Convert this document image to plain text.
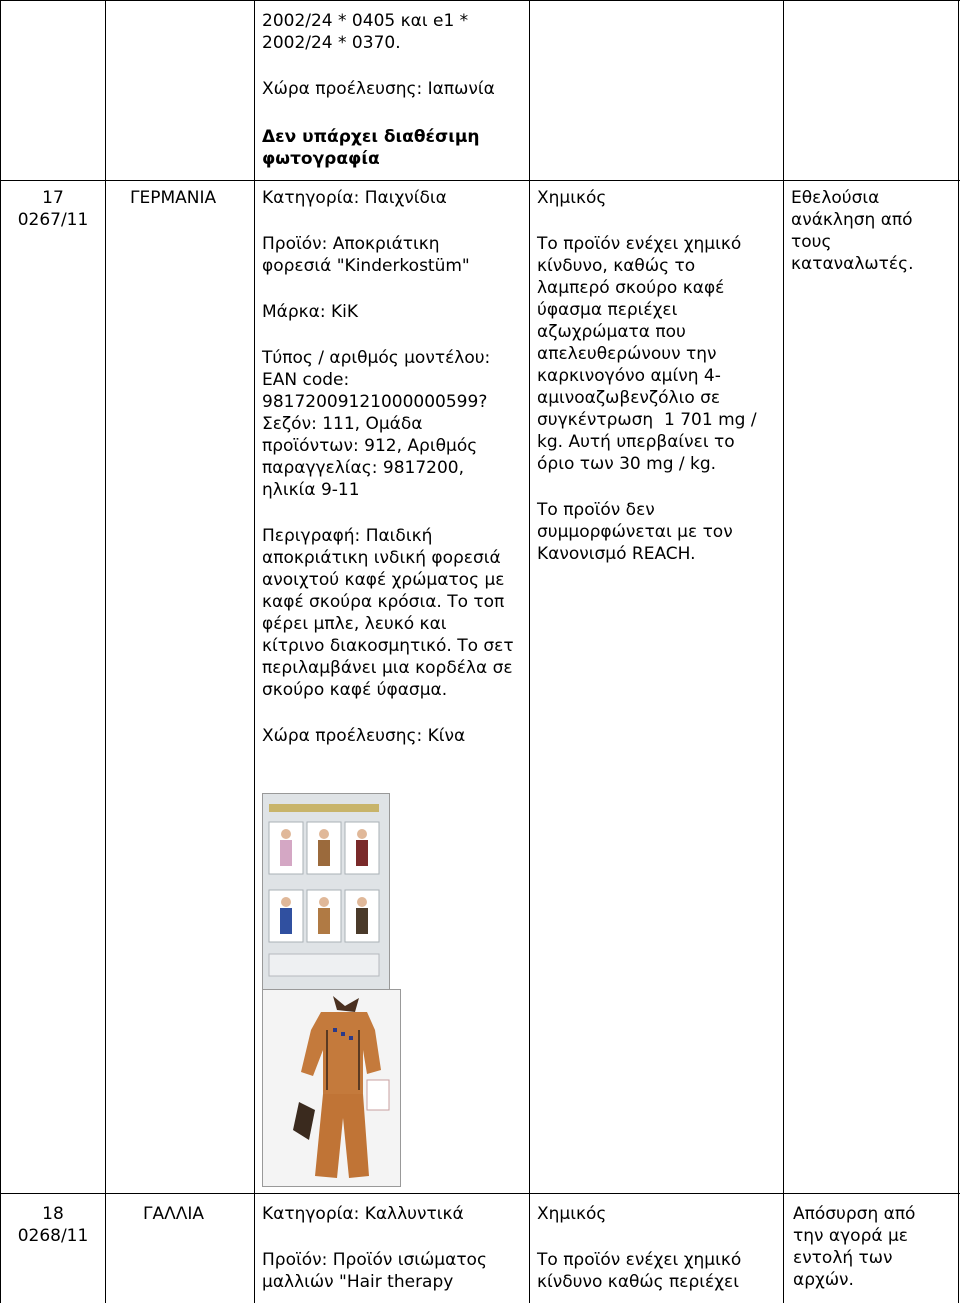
2002/24 * 0405 και e1 *

2002/24 * 0370.

Χώρα προέλευσης: Ιαπωνία

Δεν υπάρχει διαθέσιμη

φωτογραφία

17

0267/11

ΓΕΡΜΑΝΙΑ	Κατηγορία: Παιχνίδια

Προϊόν: Αποκριάτικη

φορεσιά "Kinderkostüm"

Μάρκα: KiK

Τύπος / αριθμός μοντέλου:

EAN code:

9817200912100000059​9?

Σεζόν: 111, Ομάδα

προϊόντων: 912, Αριθμός

παραγγελίας: 9817200,

ηλικία 9-11

Περιγραφή: Παιδική

αποκριάτικη ινδική φορεσιά

ανοιχτού καφέ χρώματος με

καφέ σκούρα κρόσια. Το τοπ

φέρει μπλε, λευκό και

κίτρινο διακοσμητικό. Το σετ

περιλαμβάνει μια κορδέλα σε

σκούρο καφέ ύφασμα.

Χώρα προέλευσης: Κίνα

Χημικός

Το προϊόν ενέχει χημικό

κίνδυνο, καθώς το

λαμπερό σκούρο καφέ

ύφασμα περιέχει

αζωχρώματα που

απελευθερώνουν την

καρκινογόνο αμίνη 4-

αμινοαζωβενζόλιο σε

συγκέντρωση  1 701 mg /

kg. Αυτή υπερβαίνει το

όριο των 30 mg / kg.

Το προϊόν δεν

συμμορφώνεται με τον

Κανονισμό REACH.

Εθελούσια

ανάκληση από

τους

καταναλωτές.

18

0268/11

ΓΑΛΛΙΑ	Κατηγορία: Καλλυντικά

Προϊόν: Προϊόν ισιώματος

μαλλιών "Hair therapy

Χημικός

Το προϊόν ενέχει χημικό

κίνδυνο καθώς περιέχει

Απόσυρση από

την αγορά με

εντολή των

αρχών.
